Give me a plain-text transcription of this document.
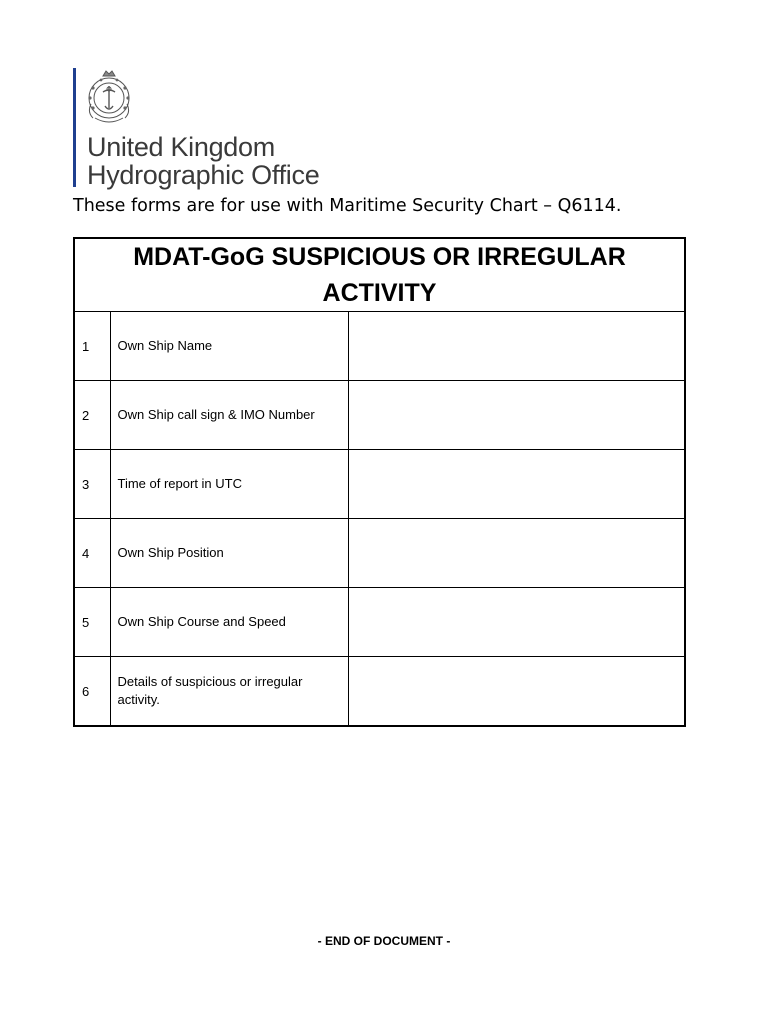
United Kingdom
Hydrographic Office
These forms are for use with Maritime Security Chart – Q6114.
MDAT-GoG SUSPICIOUS OR IRREGULAR ACTIVITY		
1	Own Ship Name	
2	Own Ship call sign & IMO Number	
3	Time of report in UTC	
4	Own Ship Position	
5	Own Ship Course and Speed	
6	Details of suspicious or irregular activity.	
- END OF DOCUMENT -
